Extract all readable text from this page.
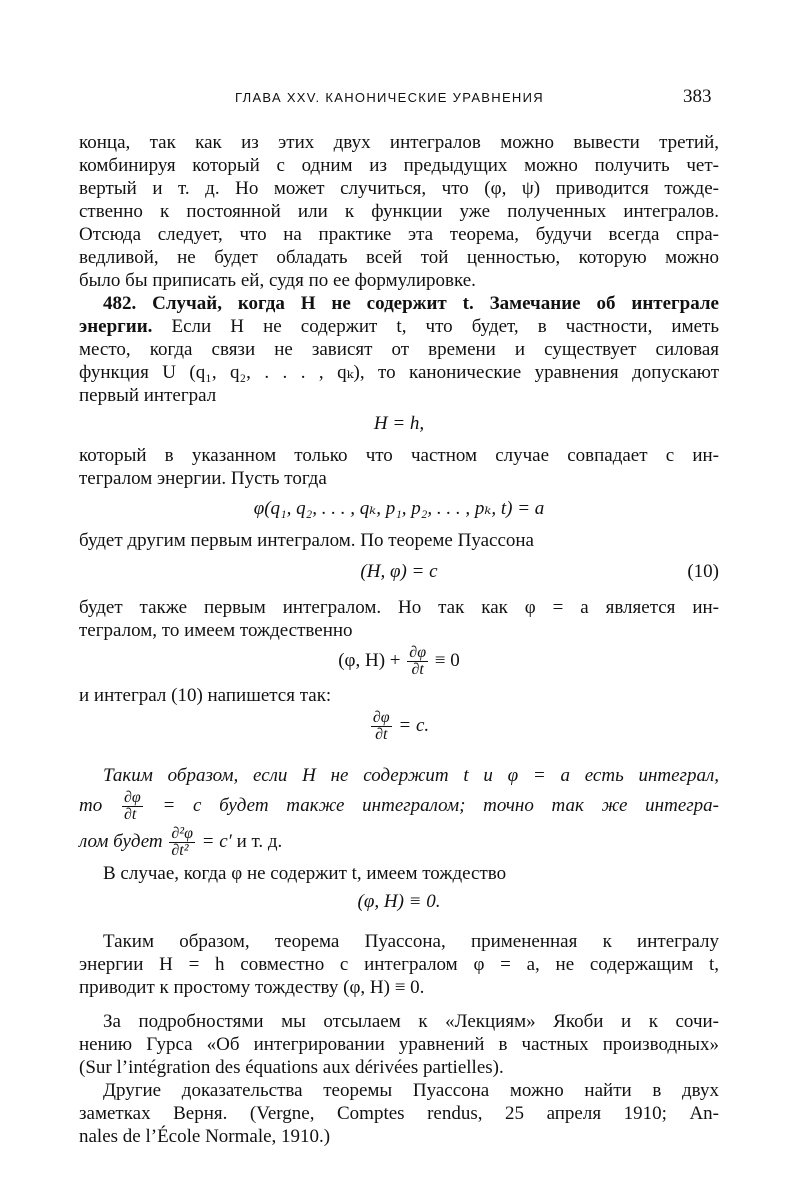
ГЛАВА XXV. КАНОНИЧЕСКИЕ УРАВНЕНИЯ	383
конца, так как из этих двух интегралов можно вывести третий,
комбинируя который с одним из предыдущих можно получить чет-
вертый и т. д. Но может случиться, что (φ, ψ) приводится тожде-
ственно к постоянной или к функции уже полученных интегралов.
Отсюда следует, что на практике эта теорема, будучи всегда спра-
ведливой, не будет обладать всей той ценностью, которую можно
было бы приписать ей, судя по ее формулировке.
482. Случай, когда H не содержит t. Замечание об интеграле
энергии. Если H не содержит t, что будет, в частности, иметь
место, когда связи не зависят от времени и существует силовая
функция U (q₁, q₂, . . . , qₖ), то канонические уравнения допускают
первый интеграл
H = h,
который в указанном только что частном случае совпадает с ин-
тегралом энергии. Пусть тогда
φ(q₁, q₂, . . . , qₖ, p₁, p₂, . . . , pₖ, t) = a
будет другим первым интегралом. По теореме Пуассона
(H, φ) = c	(10)
будет также первым интегралом. Но так как φ = a является ин-
тегралом, то имеем тождественно
(φ, $H) + \frac{\partial\varphi}{\partial t} \equiv 0$
и интеграл (10) напишется так:
$\frac{\partial\varphi}{\partial t} = c$.
Таким образом, если H не содержит t и φ = a есть интеграл,
то $\frac{\partial\varphi}{\partial t} = c$ будет также интегралом; точно так же интегра-
лом будет $\frac{\text{∂²φ}}{\text{∂t²}} = c'$ и т. д.
В случае, когда φ не содержит t, имеем тождество
(φ, H) ≡ 0.
Таким образом, теорема Пуассона, примененная к интегралу
энергии H = h совместно с интегралом φ = a, не содержащим t,
приводит к простому тождеству (φ, H) ≡ 0.
За подробностями мы отсылаем к «Лекциям» Якоби и к сочи-
нению Гурса «Об интегрировании уравнений в частных производных»
(Sur l’intégration des équations aux dérivées partielles).
Другие доказательства теоремы Пуассона можно найти в двух
заметках Верня. (Vergne, Comptes rendus, 25 апреля 1910; An-
nales de l’École Normale, 1910.)
